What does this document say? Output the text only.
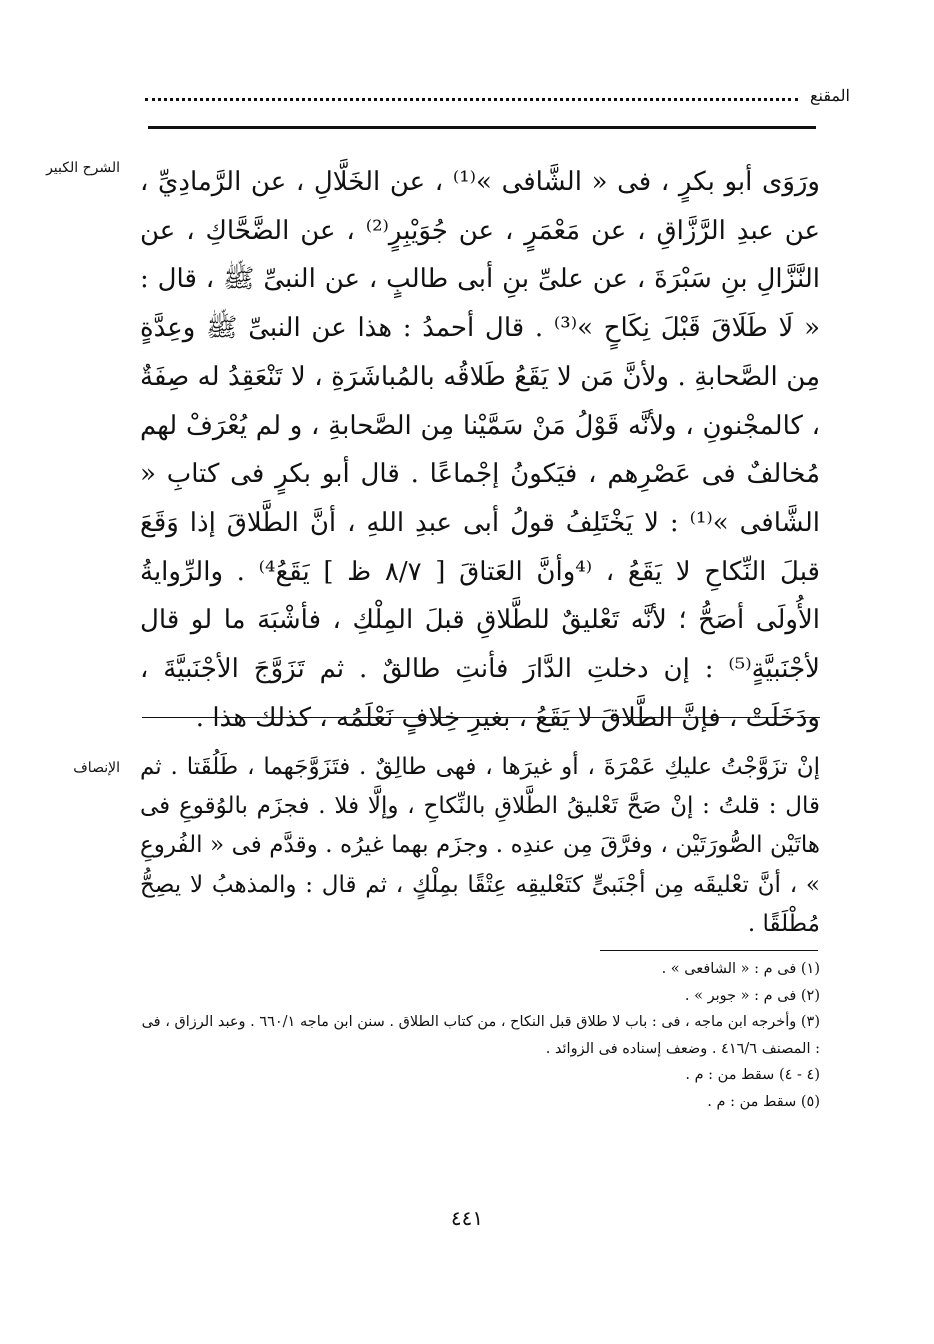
المقنع
الشرح الكبير ورَوَى أبو بكرٍ ، فى « الشَّافى »⁽¹⁾ ، عن الخَلَّالِ ، عن الرَّمادِيِّ ، عن عبدِ الرَّزَّاقِ ، عن مَعْمَرٍ ، عن جُوَيْبِرٍ⁽²⁾ ، عن الضَّحَّاكِ ، عن النَّزَّالِ بنِ سَبْرَةَ ، عن علىِّ بنِ أبى طالبٍ ، عن النبىِّ ﷺ ، قال : « لَا طَلَاقَ قَبْلَ نِكَاحٍ »⁽³⁾ . قال أحمدُ : هذا عن النبىِّ ﷺ وعِدَّةٍ مِن الصَّحابةِ . ولأنَّ مَن لا يَقَعُ طَلاقُه بالمُباشَرَةِ ، لا تَنْعَقِدُ له صِفَةٌ ، كالمجْنونِ ، ولأنَّه قَوْلُ مَنْ سَمَّيْنا مِن الصَّحابةِ ، و لم يُعْرَفْ لهم مُخالفٌ فى عَصْرِهم ، فيَكونُ إجْماعًا . قال أبو بكرٍ فى كتابِ « الشَّافى »⁽¹⁾ : لا يَخْتَلِفُ قولُ أبى عبدِ اللهِ ، أنَّ الطَّلاقَ إذا وَقَعَ قبلَ النِّكاحِ لا يَقَعُ ، ⁽⁴وأنَّ العَتاقَ [ ٨/٧ ظ ] يَقَعُ⁴⁾ . والرِّوايةُ الأُولَى أصَحُّ ؛ لأنَّه تَعْليقٌ للطَّلاقِ قبلَ المِلْكِ ، فأشْبَهَ ما لو قال لأجْنَبيَّةٍ⁽⁵⁾ : إن دخلتِ الدَّارَ فأنتِ طالقٌ . ثم تَزَوَّجَ الأجْنَبيَّةَ ، ودَخَلَتْ ، فإنَّ الطَّلاقَ لا يَقَعُ ، بغيرِ خِلافٍ نَعْلَمُه ، كذلك هذا .
الإنصاف إنْ تزَوَّجْتُ عليكِ عَمْرَةَ ، أو غيرَها ، فهى طالِقٌ . فتَزَوَّجَهما ، طَلُقَتا . ثم قال : قلتُ : إنْ صَحَّ تَعْليقُ الطَّلاقِ بالنِّكاحِ ، وإلَّا فلا . فجزَم بالوُقوعِ فى هاتَيْن الصُّورَتَيْن ، وفرَّقَ مِن عندِه . وجزَم بهما غيرُه . وقدَّم فى « الفُروعِ » ، أنَّ تعْليقَه مِن أجْنَبىٍّ كتَعْليقِه عِتْقًا بمِلْكٍ ، ثم قال : والمذهبُ لا يصِحُّ مُطْلَقًا .
(١) فى م : « الشافعى » .
(٢) فى م : « جوبر » .
(٣) وأخرجه ابن ماجه ، فى : باب لا طلاق قبل النكاح ، من كتاب الطلاق . سنن ابن ماجه ٦٦٠/١ . وعبد الرزاق ، فى : المصنف ٤١٦/٦ . وضعف إسناده فى الزوائد .
(٤ - ٤) سقط من : م .
(٥) سقط من : م .
٤٤١
